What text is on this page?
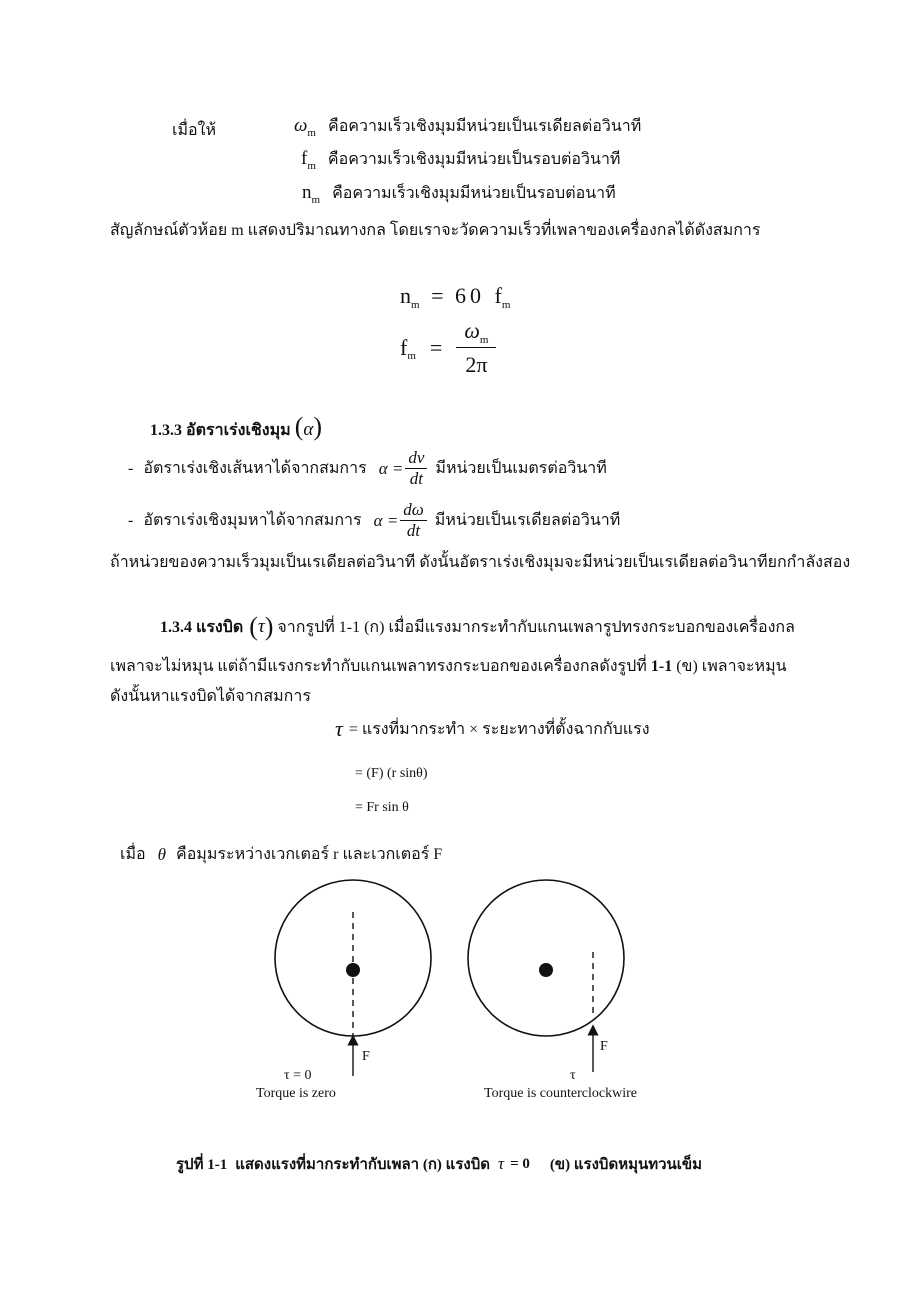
เมื่อให้	$\omega_m$ คือความเร็วเชิงมุมมีหน่วยเป็นเรเดียลต่อวินาที
$f_m$ คือความเร็วเชิงมุมมีหน่วยเป็นรอบต่อวินาที
$n_m$ คือความเร็วเชิงมุมมีหน่วยเป็นรอบต่อนาที
สัญลักษณ์ตัวห้อย m แสดงปริมาณทางกล โดยเราจะวัดความเร็วที่เพลาของเครื่องกลได้ดังสมการ
$n_m = 60$ $f_m$
f $m = \frac{\omega_m}{2\pi}$
1.3.3 อัตราเร่งเชิงมุม (α)
- อัตราเร่งเชิงเส้นหาได้จากสมการ $\alpha = \frac{dv}{dt}$ มีหน่วยเป็นเมตรต่อวินาที
- อัตราเร่งเชิงมุมหาได้จากสมการ $\alpha = \frac{d\omega}{dt}$ มีหน่วยเป็นเรเดียลต่อวินาที
ถ้าหน่วยของความเร็วมุมเป็นเรเดียลต่อวินาที ดังนั้นอัตราเร่งเชิงมุมจะมีหน่วยเป็นเรเดียลต่อวินาทียกกำลังสอง
1.3.4 แรงบิด ( τ ) จากรูปที่ 1-1 (ก) เมื่อมีแรงมากระทำกับแกนเพลารูปทรงกระบอกของเครื่องกล
เพลาจะไม่หมุน แต่ถ้ามีแรงกระทำกับแกนเพลาทรงกระบอกของเครื่องกลดังรูปที่ 1-1 (ข) เพลาจะหมุน
ดังนั้นหาแรงบิดได้จากสมการ
τ = แรงที่มากระทำ × ระยะทางที่ตั้งฉากกับแรง
= (F) (r sinθ)
= Fr sin θ
เมื่อ θ คือมุมระหว่างเวกเตอร์ r และเวกเตอร์ F
F
τ = 0
Torque is zero
F
τ
Torque is counterclockwire
รูปที่ 1-1 แสดงแรงที่มากระทำกับเพลา (ก) แรงบิด τ = 0 (ข) แรงบิดหมุนทวนเข็ม
